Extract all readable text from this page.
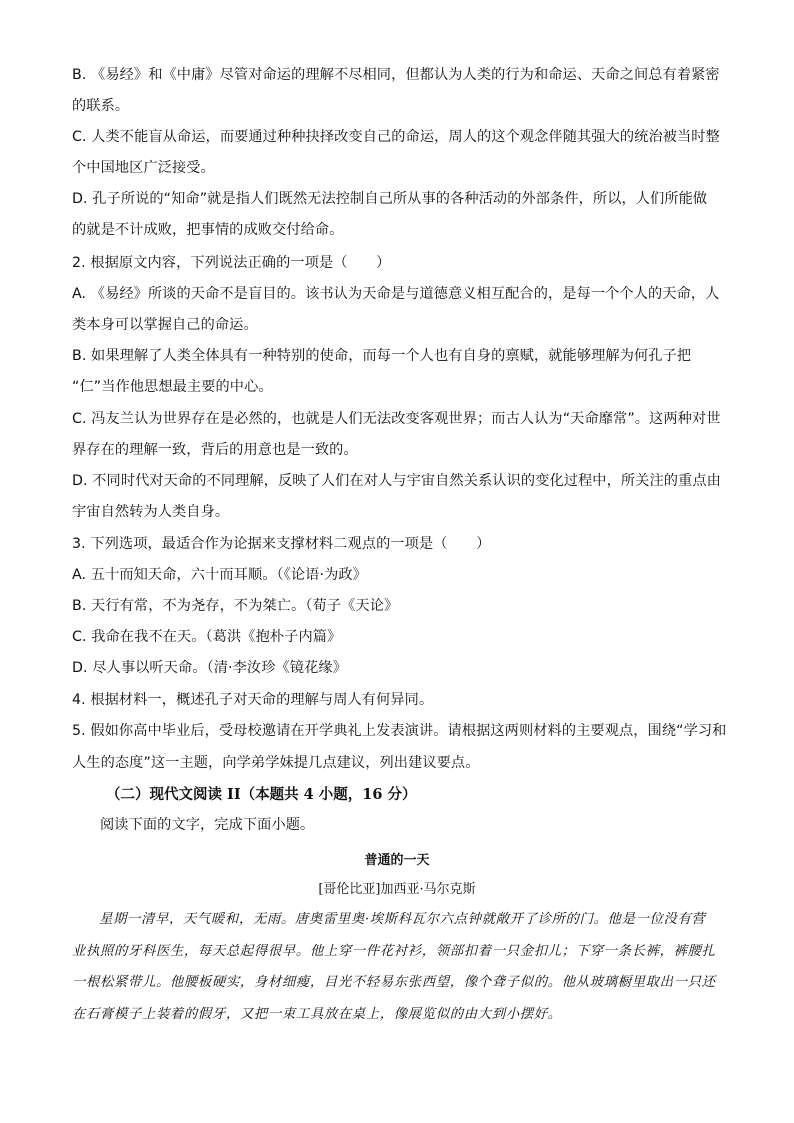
B. 《易经》和《中庸》尽管对命运的理解不尽相同，但都认为人类的行为和命运、天命之间总有着紧密
的联系。
C. 人类不能盲从命运，而要通过种种抉择改变自己的命运，周人的这个观念伴随其强大的统治被当时整
个中国地区广泛接受。
D. 孔子所说的“知命”就是指人们既然无法控制自己所从事的各种活动的外部条件，所以，人们所能做
的就是不计成败，把事情的成败交付给命。
2. 根据原文内容，下列说法正确的一项是（　　）
A. 《易经》所谈的天命不是盲目的。该书认为天命是与道德意义相互配合的，是每一个个人的天命，人
类本身可以掌握自己的命运。
B. 如果理解了人类全体具有一种特别的使命，而每一个人也有自身的禀赋，就能够理解为何孔子把
“仁”当作他思想最主要的中心。
C. 冯友兰认为世界存在是必然的，也就是人们无法改变客观世界；而古人认为“天命靡常”。这两种对世
界存在的理解一致，背后的用意也是一致的。
D. 不同时代对天命的不同理解，反映了人们在对人与宇宙自然关系认识的变化过程中，所关注的重点由
宇宙自然转为人类自身。
3. 下列选项，最适合作为论据来支撑材料二观点的一项是（　　）
A. 五十而知天命，六十而耳顺。（《论语·为政》
B. 天行有常，不为尧存，不为桀亡。（荀子《天论》
C. 我命在我不在天。（葛洪《抱朴子内篇》
D. 尽人事以听天命。（清·李汝珍《镜花缘》
4. 根据材料一，概述孔子对天命的理解与周人有何异同。
5. 假如你高中毕业后，受母校邀请在开学典礼上发表演讲。请根据这两则材料的主要观点，围绕“学习和
人生的态度”这一主题，向学弟学妹提几点建议，列出建议要点。
（二）现代文阅读 II（本题共 4 小题，16 分）
阅读下面的文字，完成下面小题。
普通的一天
[哥伦比亚]加西亚·马尔克斯
星期一清早，天气暖和，无雨。唐奥雷里奥·埃斯科瓦尔六点钟就敞开了诊所的门。他是一位没有营
业执照的牙科医生，每天总起得很早。他上穿一件花衬衫，领部扣着一只金扣儿；下穿一条长裤，裤腰扎
一根松紧带儿。他腰板硬实，身材细瘦，目光不轻易东张西望，像个聋子似的。他从玻璃橱里取出一只还
在石膏模子上装着的假牙，又把一束工具放在桌上，像展览似的由大到小摆好。
